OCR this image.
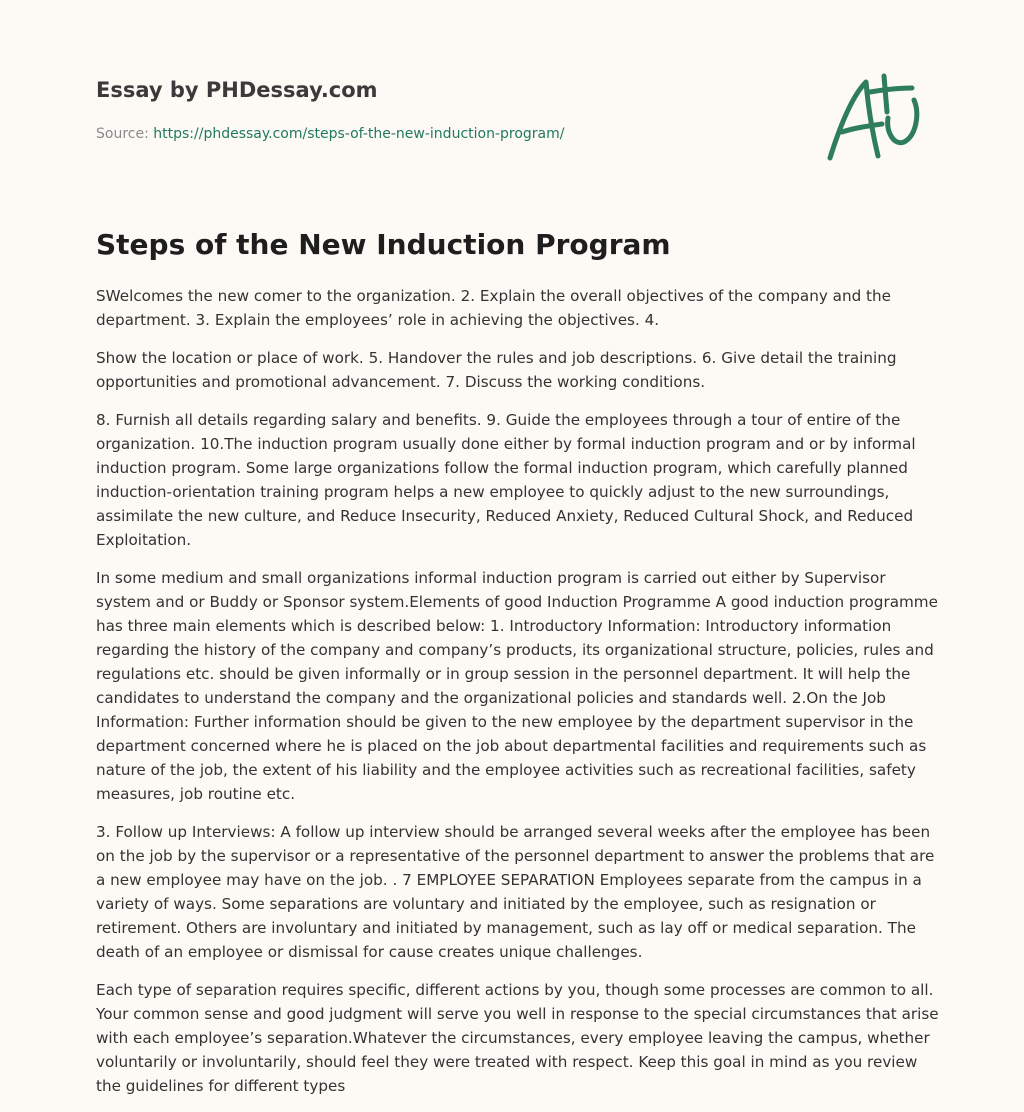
Essay by PHDessay.com
Source: https://phdessay.com/steps-of-the-new-induction-program/
Steps of the New Induction Program

SWelcomes the new comer to the organization. 2. Explain the overall objectives of the company and the department. 3. Explain the employees’ role in achieving the objectives. 4.

Show the location or place of work. 5. Handover the rules and job descriptions. 6. Give detail the training opportunities and promotional advancement. 7. Discuss the working conditions.

8. Furnish all details regarding salary and benefits. 9. Guide the employees through a tour of entire of the organization. 10.The induction program usually done either by formal induction program and or by informal induction program. Some large organizations follow the formal induction program, which carefully planned induction-orientation training program helps a new employee to quickly adjust to the new surroundings, assimilate the new culture, and Reduce Insecurity, Reduced Anxiety, Reduced Cultural Shock, and Reduced Exploitation.

In some medium and small organizations informal induction program is carried out either by Supervisor system and or Buddy or Sponsor system.Elements of good Induction Programme A good induction programme has three main elements which is described below: 1. Introductory Information: Introductory information regarding the history of the company and company’s products, its organizational structure, policies, rules and regulations etc. should be given informally or in group session in the personnel department. It will help the candidates to understand the company and the organizational policies and standards well. 2.On the Job Information: Further information should be given to the new employee by the department supervisor in the department concerned where he is placed on the job about departmental facilities and requirements such as nature of the job, the extent of his liability and the employee activities such as recreational facilities, safety measures, job routine etc.

3. Follow up Interviews: A follow up interview should be arranged several weeks after the employee has been on the job by the supervisor or a representative of the personnel department to answer the problems that are a new employee may have on the job. . 7 EMPLOYEE SEPARATION Employees separate from the campus in a variety of ways. Some separations are voluntary and initiated by the employee, such as resignation or retirement. Others are involuntary and initiated by management, such as lay off or medical separation. The death of an employee or dismissal for cause creates unique challenges.

Each type of separation requires specific, different actions by you, though some processes are common to all. Your common sense and good judgment will serve you well in response to the special circumstances that arise with each employee’s separation.Whatever the circumstances, every employee leaving the campus, whether voluntarily or involuntarily, should feel they were treated with respect. Keep this goal in mind as you review the guidelines for different types
